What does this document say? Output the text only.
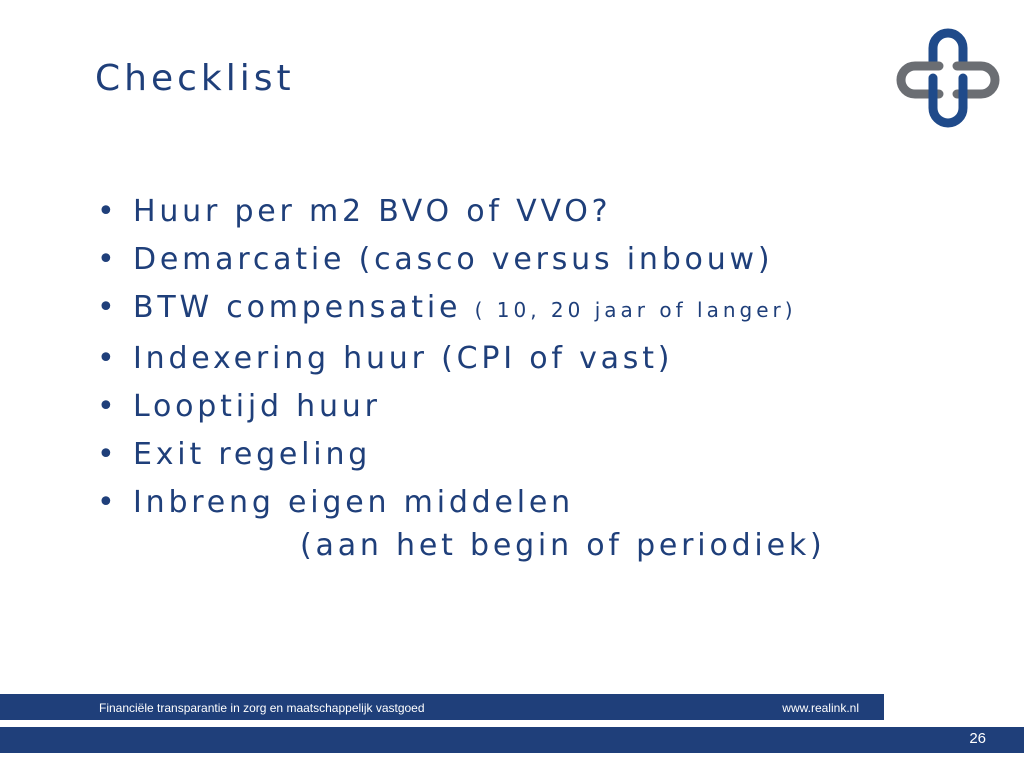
Checklist
• Huur per m2 BVO of VVO?
• Demarcatie (casco versus inbouw)
• BTW compensatie ( 10, 20 jaar of langer)
• Indexering huur (CPI of vast)
• Looptijd huur
• Exit regeling
• Inbreng eigen middelen
(aan het begin of periodiek)
Financiële transparantie in zorg en maatschappelijk vastgoed	www.realink.nl
26
